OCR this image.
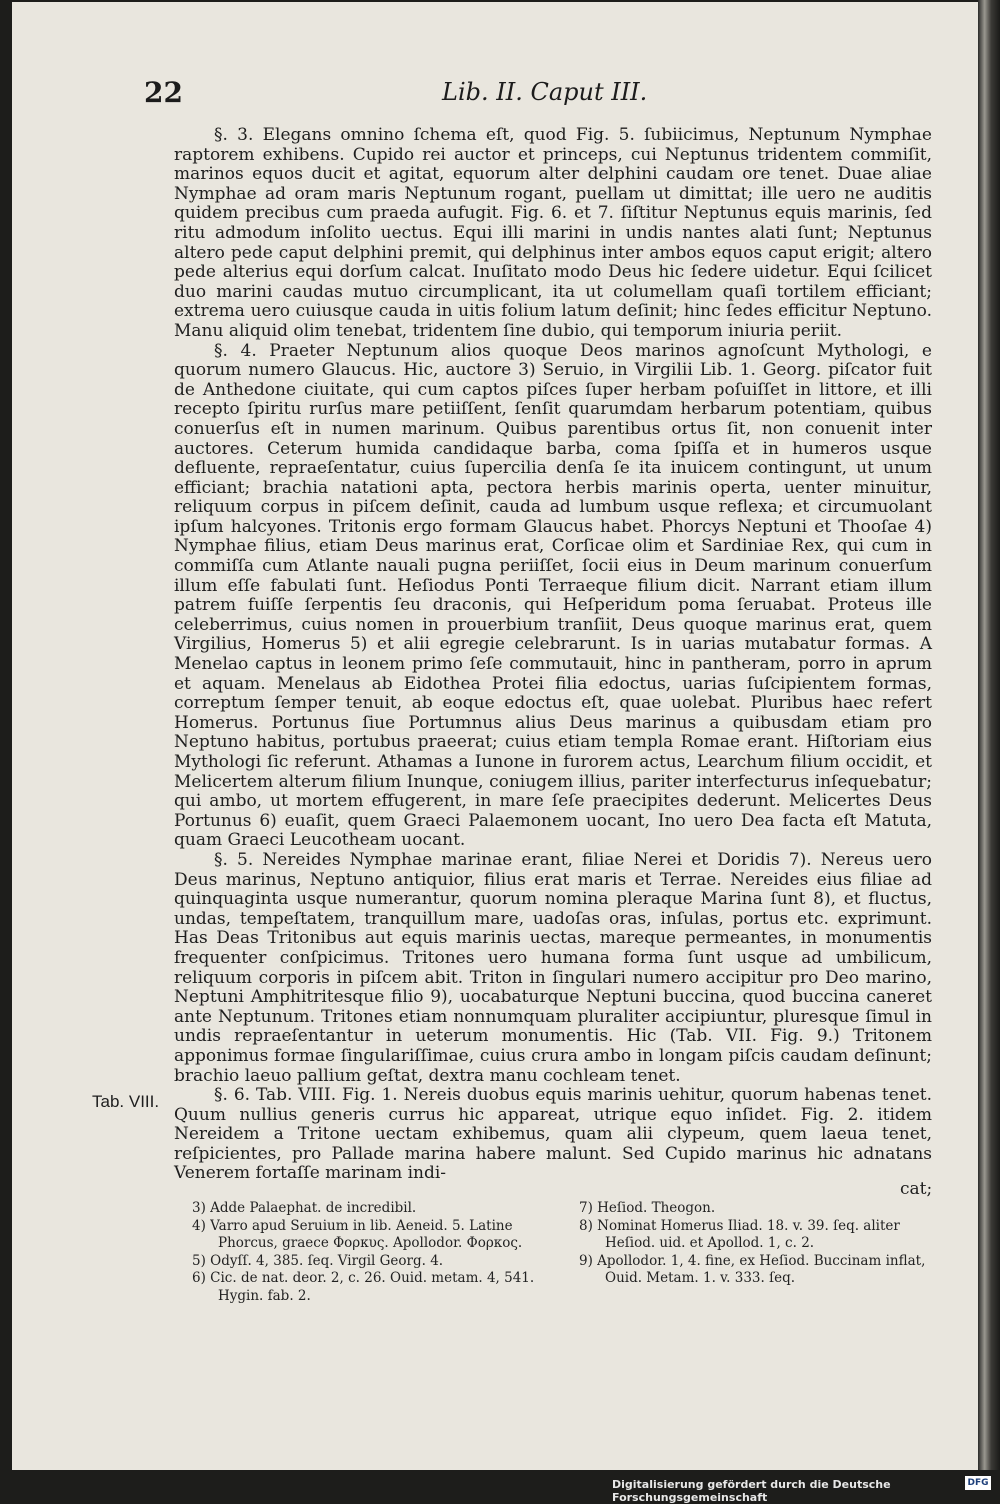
22	Lib. II. Caput III.

§. 3. Elegans omnino ſchema eſt, quod Fig. 5. ſubiicimus, Neptunum Nymphae raptorem exhibens. Cupido rei auctor et princeps, cui Neptunus tridentem commiſit, marinos equos ducit et agitat, equorum alter delphini caudam ore tenet. Duae aliae Nymphae ad oram maris Neptunum rogant, puellam ut dimittat; ille uero ne auditis quidem precibus cum praeda aufugit. Fig. 6. et 7. ſiſtitur Neptunus equis marinis, ſed ritu admodum inſolito uectus. Equi illi marini in undis nantes alati ſunt; Neptunus altero pede caput delphini premit, qui delphinus inter ambos equos caput erigit; altero pede alterius equi dorſum calcat. Inuſitato modo Deus hic ſedere uidetur. Equi ſcilicet duo marini caudas mutuo circumplicant, ita ut columellam quaſi tortilem efficiant; extrema uero cuiusque cauda in uitis folium latum deſinit; hinc ſedes efficitur Neptuno. Manu aliquid olim tenebat, tridentem ſine dubio, qui temporum iniuria periit.

§. 4. Praeter Neptunum alios quoque Deos marinos agnoſcunt Mythologi, e quorum numero Glaucus. Hic, auctore 3) Seruio, in Virgilii Lib. 1. Georg. piſcator fuit de Anthedone ciuitate, qui cum captos piſces ſuper herbam poſuiſſet in littore, et illi recepto ſpiritu rurſus mare petiiſſent, ſenſit quarumdam herbarum potentiam, quibus conuerſus eſt in numen marinum. Quibus parentibus ortus ſit, non conuenit inter auctores. Ceterum humida candidaque barba, coma ſpiſſa et in humeros usque defluente, repraeſentatur, cuius ſupercilia denſa ſe ita inuicem contingunt, ut unum efficiant; brachia natationi apta, pectora herbis marinis operta, uenter minuitur, reliquum corpus in piſcem deſinit, cauda ad lumbum usque reflexa; et circumuolant ipſum halcyones. Tritonis ergo formam Glaucus habet. Phorcys Neptuni et Thooſae 4) Nymphae filius, etiam Deus marinus erat, Corſicae olim et Sardiniae Rex, qui cum in commiſſa cum Atlante nauali pugna periiſſet, ſocii eius in Deum marinum conuerſum illum eſſe fabulati ſunt. Heſiodus Ponti Terraeque filium dicit. Narrant etiam illum patrem fuiſſe ſerpentis ſeu draconis, qui Heſperidum poma ſeruabat. Proteus ille celeberrimus, cuius nomen in prouerbium tranſiit, Deus quoque marinus erat, quem Virgilius, Homerus 5) et alii egregie celebrarunt. Is in uarias mutabatur formas. A Menelao captus in leonem primo ſeſe commutauit, hinc in pantheram, porro in aprum et aquam. Menelaus ab Eidothea Protei filia edoctus, uarias ſuſcipientem formas, correptum ſemper tenuit, ab eoque edoctus eſt, quae uolebat. Pluribus haec refert Homerus. Portunus ſiue Portumnus alius Deus marinus a quibusdam etiam pro Neptuno habitus, portubus praeerat; cuius etiam templa Romae erant. Hiſtoriam eius Mythologi ſic referunt. Athamas a Iunone in furorem actus, Learchum filium occidit, et Melicertem alterum filium Inunque, coniugem illius, pariter interfecturus inſequebatur; qui ambo, ut mortem effugerent, in mare ſeſe praecipites dederunt. Melicertes Deus Portunus 6) euaſit, quem Graeci Palaemonem uocant, Ino uero Dea facta eſt Matuta, quam Graeci Leucotheam uocant.

§. 5. Nereides Nymphae marinae erant, filiae Nerei et Doridis 7). Nereus uero Deus marinus, Neptuno antiquior, filius erat maris et Terrae. Nereides eius filiae ad quinquaginta usque numerantur, quorum nomina pleraque Marina ſunt 8), et fluctus, undas, tempeſtatem, tranquillum mare, uadoſas oras, inſulas, portus etc. exprimunt. Has Deas Tritonibus aut equis marinis uectas, mareque permeantes, in monumentis frequenter conſpicimus. Tritones uero humana forma ſunt usque ad umbilicum, reliquum corporis in piſcem abit. Triton in ſingulari numero accipitur pro Deo marino, Neptuni Amphitritesque filio 9), uocabaturque Neptuni buccina, quod buccina caneret ante Neptunum. Tritones etiam nonnumquam pluraliter accipiuntur, pluresque ſimul in undis repraeſentantur in ueterum monumentis. Hic (Tab. VII. Fig. 9.) Tritonem apponimus formae ſingulariſſimae, cuius crura ambo in longam piſcis caudam deſinunt; brachio laeuo pallium geſtat, dextra manu cochleam tenet.

§. 6. Tab. VIII. Fig. 1. Nereis duobus equis marinis uehitur, quorum habenas tenet. Quum nullius generis currus hic appareat, utrique equo inſidet. Fig. 2. itidem Nereidem a Tritone uectam exhibemus, quam alii clypeum, quem laeua tenet, reſpicientes, pro Pallade marina habere malunt. Sed Cupido marinus hic adnatans Venerem fortaſſe marinam indi-

Tab. VIII.
cat;

3) Adde Palaephat. de incredibil.

4) Varro apud Seruium in lib. Aeneid. 5. Latine Phorcus, graece Φορκυς. Apollodor. Φορκος.

5) Odyſſ. 4, 385. ſeq. Virgil Georg. 4.

6) Cic. de nat. deor. 2, c. 26. Ouid. metam. 4, 541. Hygin. fab. 2.

7) Heſiod. Theogon.

8) Nominat Homerus Iliad. 18. v. 39. ſeq. aliter Heſiod. uid. et Apollod. 1, c. 2.

9) Apollodor. 1, 4. fine, ex Heſiod. Buccinam inflat, Ouid. Metam. 1. v. 333. ſeq.

Digitalisierung gefördert durch die Deutsche Forschungsgemeinschaft
DFG
